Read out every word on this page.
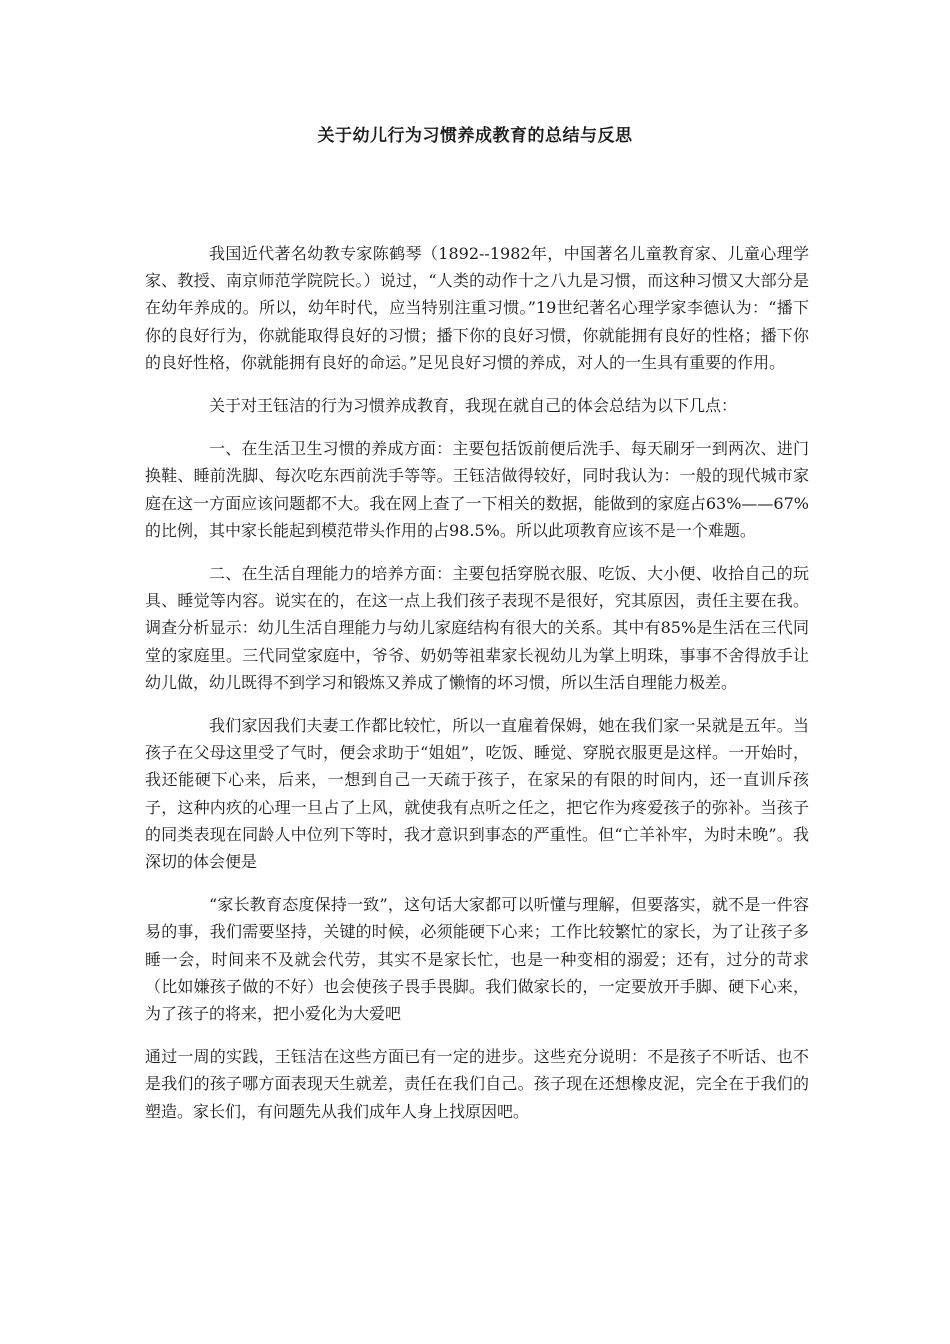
关于幼儿行为习惯养成教育的总结与反思

我国近代著名幼教专家陈鹤琴（1892--1982年，中国著名儿童教育家、儿童心理学家、教授、南京师范学院院长。）说过，“人类的动作十之八九是习惯，而这种习惯又大部分是在幼年养成的。所以，幼年时代，应当特别注重习惯。”19世纪著名心理学家李德认为：“播下你的良好行为，你就能取得良好的习惯；播下你的良好习惯，你就能拥有良好的性格；播下你的良好性格，你就能拥有良好的命运。”足见良好习惯的养成，对人的一生具有重要的作用。

关于对王钰洁的行为习惯养成教育，我现在就自己的体会总结为以下几点：

一、在生活卫生习惯的养成方面：主要包括饭前便后洗手、每天刷牙一到两次、进门换鞋、睡前洗脚、每次吃东西前洗手等等。王钰洁做得较好，同时我认为：一般的现代城市家庭在这一方面应该问题都不大。我在网上查了一下相关的数据，能做到的家庭占63%——67%的比例，其中家长能起到模范带头作用的占98.5%。所以此项教育应该不是一个难题。

二、在生活自理能力的培养方面：主要包括穿脱衣服、吃饭、大小便、收拾自己的玩具、睡觉等内容。说实在的，在这一点上我们孩子表现不是很好，究其原因，责任主要在我。调查分析显示：幼儿生活自理能力与幼儿家庭结构有很大的关系。其中有85%是生活在三代同堂的家庭里。三代同堂家庭中，爷爷、奶奶等祖辈家长视幼儿为掌上明珠，事事不舍得放手让幼儿做，幼儿既得不到学习和锻炼又养成了懒惰的坏习惯，所以生活自理能力极差。

我们家因我们夫妻工作都比较忙，所以一直雇着保姆，她在我们家一呆就是五年。当孩子在父母这里受了气时，便会求助于“姐姐”，吃饭、睡觉、穿脱衣服更是这样。一开始时，我还能硬下心来，后来，一想到自己一天疏于孩子，在家呆的有限的时间内，还一直训斥孩子，这种内疚的心理一旦占了上风，就使我有点听之任之，把它作为疼爱孩子的弥补。当孩子的同类表现在同龄人中位列下等时，我才意识到事态的严重性。但“亡羊补牢，为时未晚”。我深切的体会便是

“家长教育态度保持一致”，这句话大家都可以听懂与理解，但要落实，就不是一件容易的事，我们需要坚持，关键的时候，必须能硬下心来；工作比较繁忙的家长，为了让孩子多睡一会，时间来不及就会代劳，其实不是家长忙，也是一种变相的溺爱；还有，过分的苛求（比如嫌孩子做的不好）也会使孩子畏手畏脚。我们做家长的，一定要放开手脚、硬下心来，为了孩子的将来，把小爱化为大爱吧

通过一周的实践，王钰洁在这些方面已有一定的进步。这些充分说明：不是孩子不听话、也不是我们的孩子哪方面表现天生就差，责任在我们自己。孩子现在还想橡皮泥，完全在于我们的塑造。家长们，有问题先从我们成年人身上找原因吧。
